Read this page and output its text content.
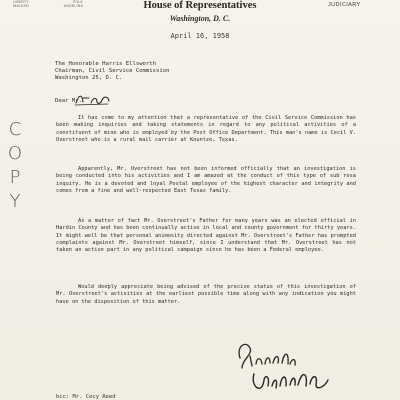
LIBERTY	POLK
WALKER	ANGELINA	House of Representatives
Washington, D. C.
JUDICIARY
April 16, 1958
C
O
P
Y
The Honorable Harris Ellsworth
Chairman, Civil Service Commission
Washington 25, D. C.
Dear Mr.
It has come to my attention that a representative of the Civil Service Commission has been making inquiries and taking statements in regard to any political activities of a constituent of mine who is employed by the Post Office Department. This man's name is Cecil V. Overstreet who is a rural mail carrier at Kountze, Texas.
Apparently, Mr. Overstreet has not been informed officially that an investigation is being conducted into his activities and I am amazed at the conduct of this type of sub rosa inquiry. He is a devoted and loyal Postal employee of the highest character and integrity and comes from a fine and well-respected East Texas family.
As a matter of fact Mr. Overstreet's Father for many years was an elected official in Hardin County and has been continually active in local and county government for thirty years. It might well be that personal animosity directed against Mr. Overstreet's Father has prompted complaints against Mr. Overstreet himself, since I understand that Mr. Overstreet has not taken an active part in any political campaign since he has been a Federal employee.
Would deeply appreciate being advised of the precise status of this investigation of Mr. Overstreet's activities at the earliest possible time along with any indication you might have on the disposition of this matter.
bcc: Mr. Cecy Reed
